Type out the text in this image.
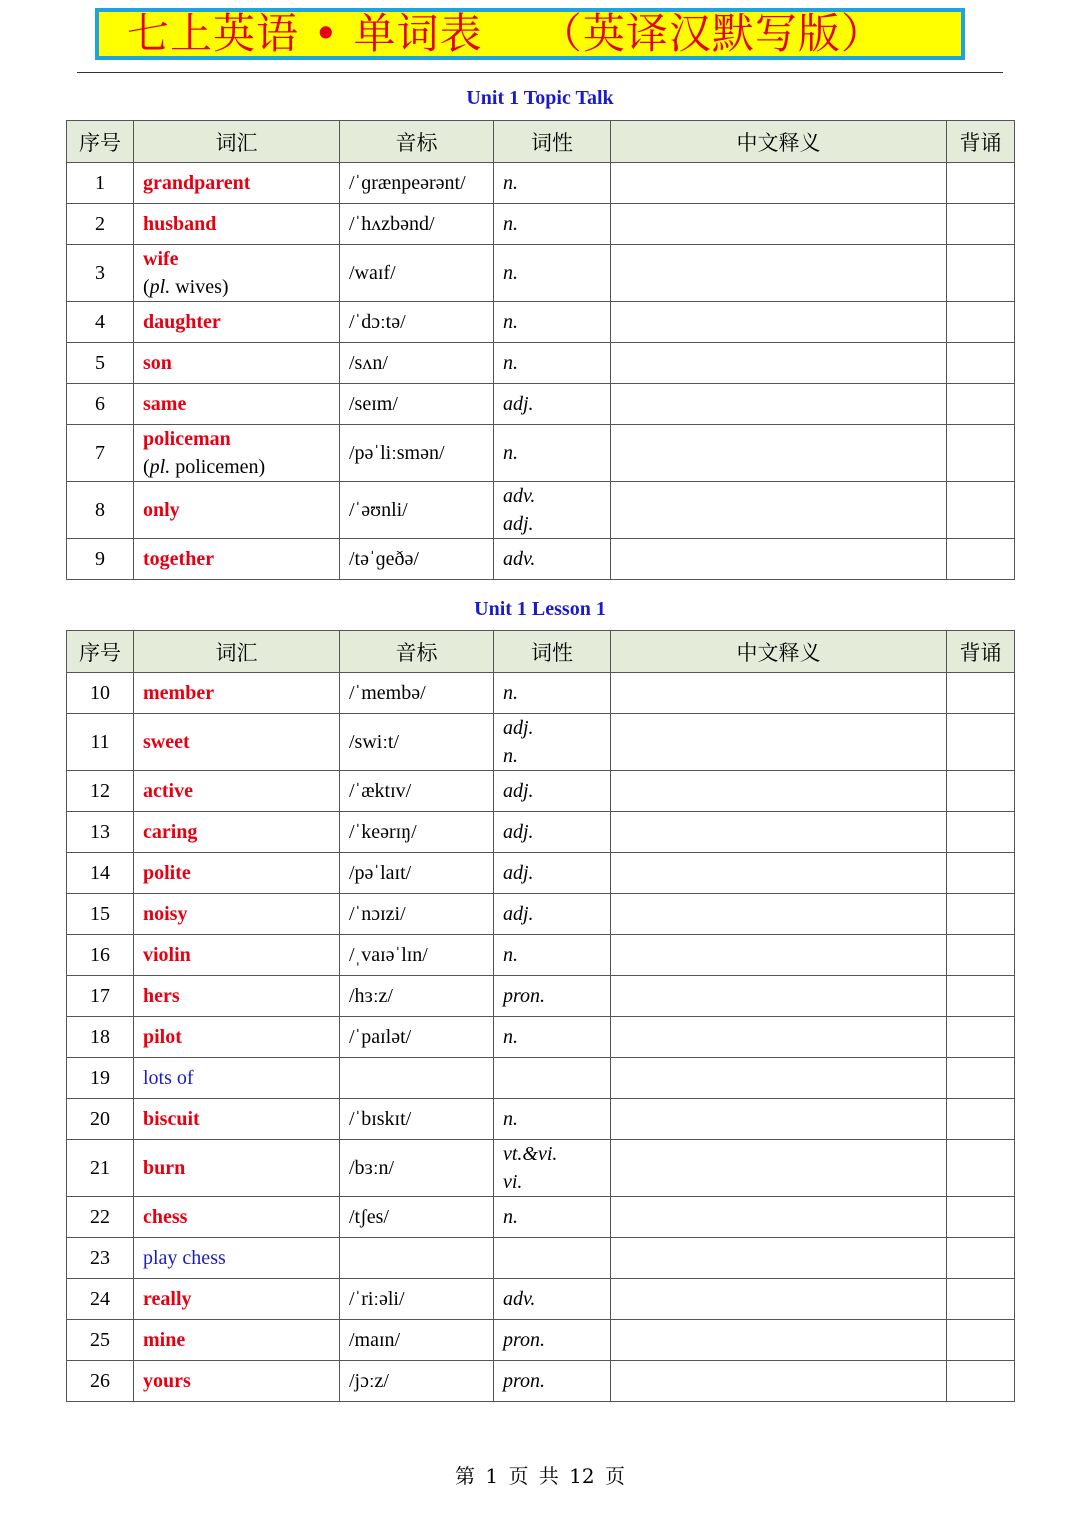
七上英语 • 单词表    （英译汉默写版）
Unit 1 Topic Talk
序号	词汇	音标	词性	中文释义	背诵
1	grandparent	/ˈɡrænpeərənt/	n.		

2	husband	/ˈhʌzbənd/	n.		

3	wife
(pl. wives)	/waɪf/	n.		

4	daughter	/ˈdɔːtə/	n.		

5	son	/sʌn/	n.		

6	same	/seɪm/	adj.		

7	policeman
(pl. policemen)	/pəˈliːsmən/	n.		

8	only	/ˈəʊnli/	adv.
adj.		

9	together	/təˈɡeðə/	adv.		

Unit 1 Lesson 1
序号	词汇	音标	词性	中文释义	背诵
10	member	/ˈmembə/	n.		

11	sweet	/swiːt/	adj.
n.		

12	active	/ˈæktɪv/	adj.		

13	caring	/ˈkeərɪŋ/	adj.		

14	polite	/pəˈlaɪt/	adj.		

15	noisy	/ˈnɔɪzi/	adj.		

16	violin	/ˌvaɪəˈlɪn/	n.		

17	hers	/hɜːz/	pron.		

18	pilot	/ˈpaɪlət/	n.		

19	lots of				
20	biscuit	/ˈbɪskɪt/	n.		

21	burn	/bɜːn/	vt.&vi.
vi.		

22	chess	/tʃes/	n.		

23	play chess				
24	really	/ˈriːəli/	adv.		

25	mine	/maɪn/	pron.		

26	yours	/jɔːz/	pron.		

第 1 页 共 12 页
